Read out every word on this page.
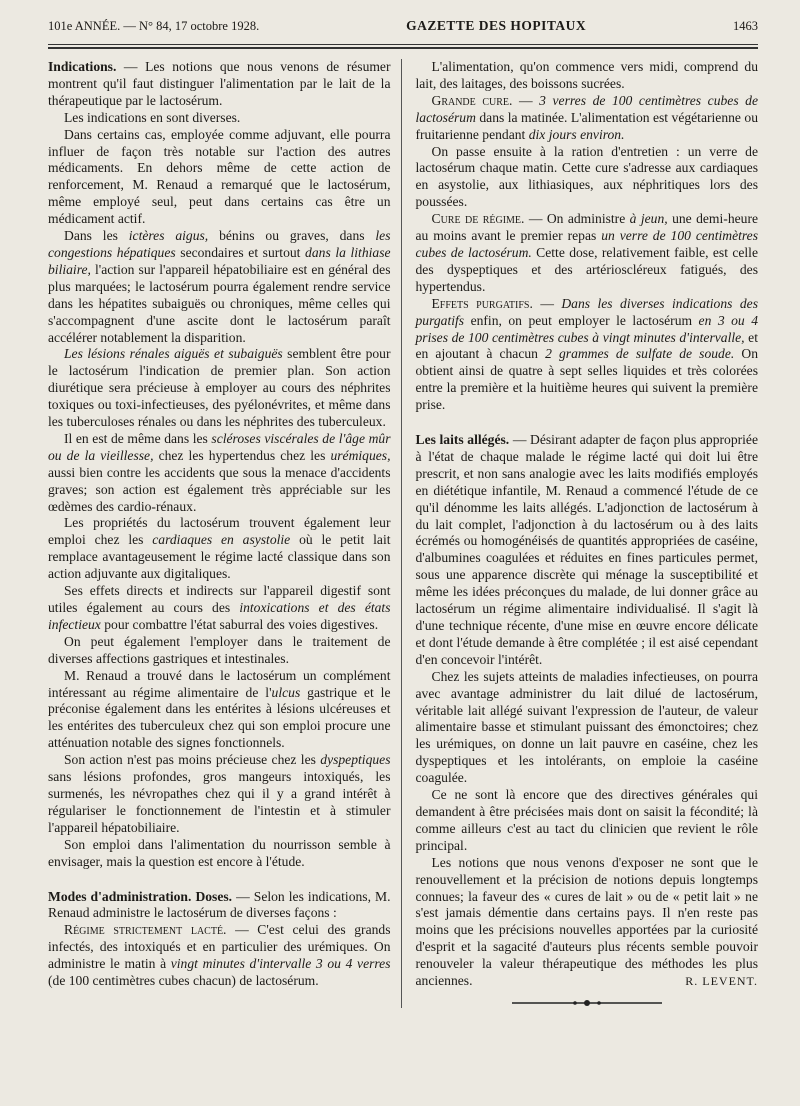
101e ANNÉE. — N° 84, 17 octobre 1928.	GAZETTE DES HOPITAUX	1463

Indications. — Les notions que nous venons de résumer montrent qu'il faut distinguer l'alimentation par le lait de la thérapeutique par le lactosérum.

Les indications en sont diverses.

Dans certains cas, employée comme adjuvant, elle pourra influer de façon très notable sur l'action des autres médicaments. En dehors même de cette action de renforcement, M. Renaud a remarqué que le lactosérum, même employé seul, peut dans certains cas être un médicament actif.

Dans les ictères aigus, bénins ou graves, dans les congestions hépatiques secondaires et surtout dans la lithiase biliaire, l'action sur l'appareil hépatobiliaire est en général des plus marquées; le lactosérum pourra également rendre service dans les hépatites subaiguës ou chroniques, même celles qui s'accompagnent d'une ascite dont le lactosérum paraît accélérer notablement la disparition.

Les lésions rénales aiguës et subaiguës semblent être pour le lactosérum l'indication de premier plan. Son action diurétique sera précieuse à employer au cours des néphrites toxiques ou toxi-infectieuses, des pyélonévrites, et même dans les tuberculoses rénales ou dans les néphrites des tuberculeux.

Il en est de même dans les scléroses viscérales de l'âge mûr ou de la vieillesse, chez les hypertendus chez les urémiques, aussi bien contre les accidents que sous la menace d'accidents graves; son action est également très appréciable sur les œdèmes des cardio-rénaux.

Les propriétés du lactosérum trouvent également leur emploi chez les cardiaques en asystolie où le petit lait remplace avantageusement le régime lacté classique dans son action adjuvante aux digitaliques.

Ses effets directs et indirects sur l'appareil digestif sont utiles également au cours des intoxications et des états infectieux pour combattre l'état saburral des voies digestives.

On peut également l'employer dans le traitement de diverses affections gastriques et intestinales.

M. Renaud a trouvé dans le lactosérum un complément intéressant au régime alimentaire de l'ulcus gastrique et le préconise également dans les entérites à lésions ulcéreuses et les entérites des tuberculeux chez qui son emploi procure une atténuation notable des signes fonctionnels.

Son action n'est pas moins précieuse chez les dyspeptiques sans lésions profondes, gros mangeurs intoxiqués, les surmenés, les névropathes chez qui il y a grand intérêt à régulariser le fonctionnement de l'intestin et à stimuler l'appareil hépatobiliaire.

Son emploi dans l'alimentation du nourrisson semble à envisager, mais la question est encore à l'étude.

Modes d'administration. Doses. — Selon les indications, M. Renaud administre le lactosérum de diverses façons :

Régime strictement lacté. — C'est celui des grands infectés, des intoxiqués et en particulier des urémiques. On administre le matin à vingt minutes d'intervalle 3 ou 4 verres (de 100 centimètres cubes chacun) de lactosérum.

L'alimentation, qu'on commence vers midi, comprend du lait, des laitages, des boissons sucrées.

Grande cure. — 3 verres de 100 centimètres cubes de lactosérum dans la matinée. L'alimentation est végétarienne ou fruitarienne pendant dix jours environ.

On passe ensuite à la ration d'entretien : un verre de lactosérum chaque matin. Cette cure s'adresse aux cardiaques en asystolie, aux lithiasiques, aux néphritiques lors des poussées.

Cure de régime. — On administre à jeun, une demi-heure au moins avant le premier repas un verre de 100 centimètres cubes de lactosérum. Cette dose, relativement faible, est celle des dyspeptiques et des artérioscléreux fatigués, des hypertendus.

Effets purgatifs. — Dans les diverses indications des purgatifs enfin, on peut employer le lactosérum en 3 ou 4 prises de 100 centimètres cubes à vingt minutes d'intervalle, et en ajoutant à chacun 2 grammes de sulfate de soude. On obtient ainsi de quatre à sept selles liquides et très colorées entre la première et la huitième heures qui suivent la première prise.

Les laits allégés. — Désirant adapter de façon plus appropriée à l'état de chaque malade le régime lacté qui doit lui être prescrit, et non sans analogie avec les laits modifiés employés en diététique infantile, M. Renaud a commencé l'étude de ce qu'il dénomme les laits allégés. L'adjonction de lactosérum à du lait complet, l'adjonction à du lactosérum ou à des laits écrémés ou homogénéisés de quantités appropriées de caséine, d'albumines coagulées et réduites en fines particules permet, sous une apparence discrète qui ménage la susceptibilité et même les idées préconçues du malade, de lui donner grâce au lactosérum un régime alimentaire individualisé. Il s'agit là d'une technique récente, d'une mise en œuvre encore délicate et dont l'étude demande à être complétée ; il est aisé cependant d'en concevoir l'intérêt.

Chez les sujets atteints de maladies infectieuses, on pourra avec avantage administrer du lait dilué de lactosérum, véritable lait allégé suivant l'expression de l'auteur, de valeur alimentaire basse et stimulant puissant des émonctoires; chez les urémiques, on donne un lait pauvre en caséine, chez les dyspeptiques et les intolérants, on emploie la caséine coagulée.

Ce ne sont là encore que des directives générales qui demandent à être précisées mais dont on saisit la fécondité; là comme ailleurs c'est au tact du clinicien que revient le rôle principal.

Les notions que nous venons d'exposer ne sont que le renouvellement et la précision de notions depuis longtemps connues; la faveur des « cures de lait » ou de « petit lait » ne s'est jamais démentie dans certains pays. Il n'en reste pas moins que les précisions nouvelles apportées par la curiosité d'esprit et la sagacité d'auteurs plus récents semble pouvoir renouveler la valeur thérapeutique des méthodes les plus anciennes.	R. LEVENT.
